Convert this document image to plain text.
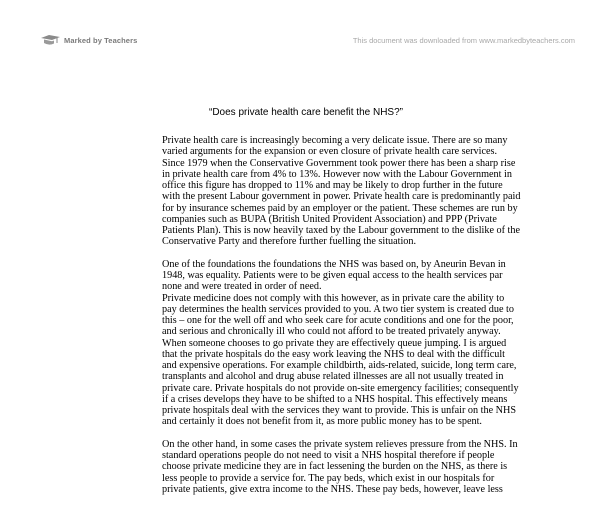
Marked by Teachers	This document was downloaded from www.markedbyteachers.com
“Does private health care benefit the NHS?”
Private health care is increasingly becoming a very delicate issue. There are so many
varied arguments for the expansion or even closure of private health care services.
Since 1979 when the Conservative Government took power there has been a sharp rise
in private health care from 4% to 13%. However now with the Labour Government in
office this figure has dropped to 11% and may be likely to drop further in the future
with the present Labour government in power. Private health care is predominantly paid
for by insurance schemes paid by an employer or the patient. These schemes are run by
companies such as BUPA (British United Provident Association) and PPP (Private
Patients Plan). This is now heavily taxed by the Labour government to the dislike of the
Conservative Party and therefore further fuelling the situation.
One of the foundations the foundations the NHS was based on, by Aneurin Bevan in
1948, was equality. Patients were to be given equal access to the health services par
none and were treated in order of need.
Private medicine does not comply with this however, as in private care the ability to
pay determines the health services provided to you. A two tier system is created due to
this – one for the well off and who seek care for acute conditions and one for the poor,
and serious and chronically ill who could not afford to be treated privately anyway.
When someone chooses to go private they are effectively queue jumping. I is argued
that the private hospitals do the easy work leaving the NHS to deal with the difficult
and expensive operations. For example childbirth, aids-related, suicide, long term care,
transplants and alcohol and drug abuse related illnesses are all not usually treated in
private care. Private hospitals do not provide on-site emergency facilities; consequently
if a crises develops they have to be shifted to a NHS hospital. This effectively means
private hospitals deal with the services they want to provide. This is unfair on the NHS
and certainly it does not benefit from it, as more public money has to be spent.
On the other hand, in some cases the private system relieves pressure from the NHS. In
standard operations people do not need to visit a NHS hospital therefore if people
choose private medicine they are in fact lessening the burden on the NHS, as there is
less people to provide a service for. The pay beds, which exist in our hospitals for
private patients, give extra income to the NHS. These pay beds, however, leave less
